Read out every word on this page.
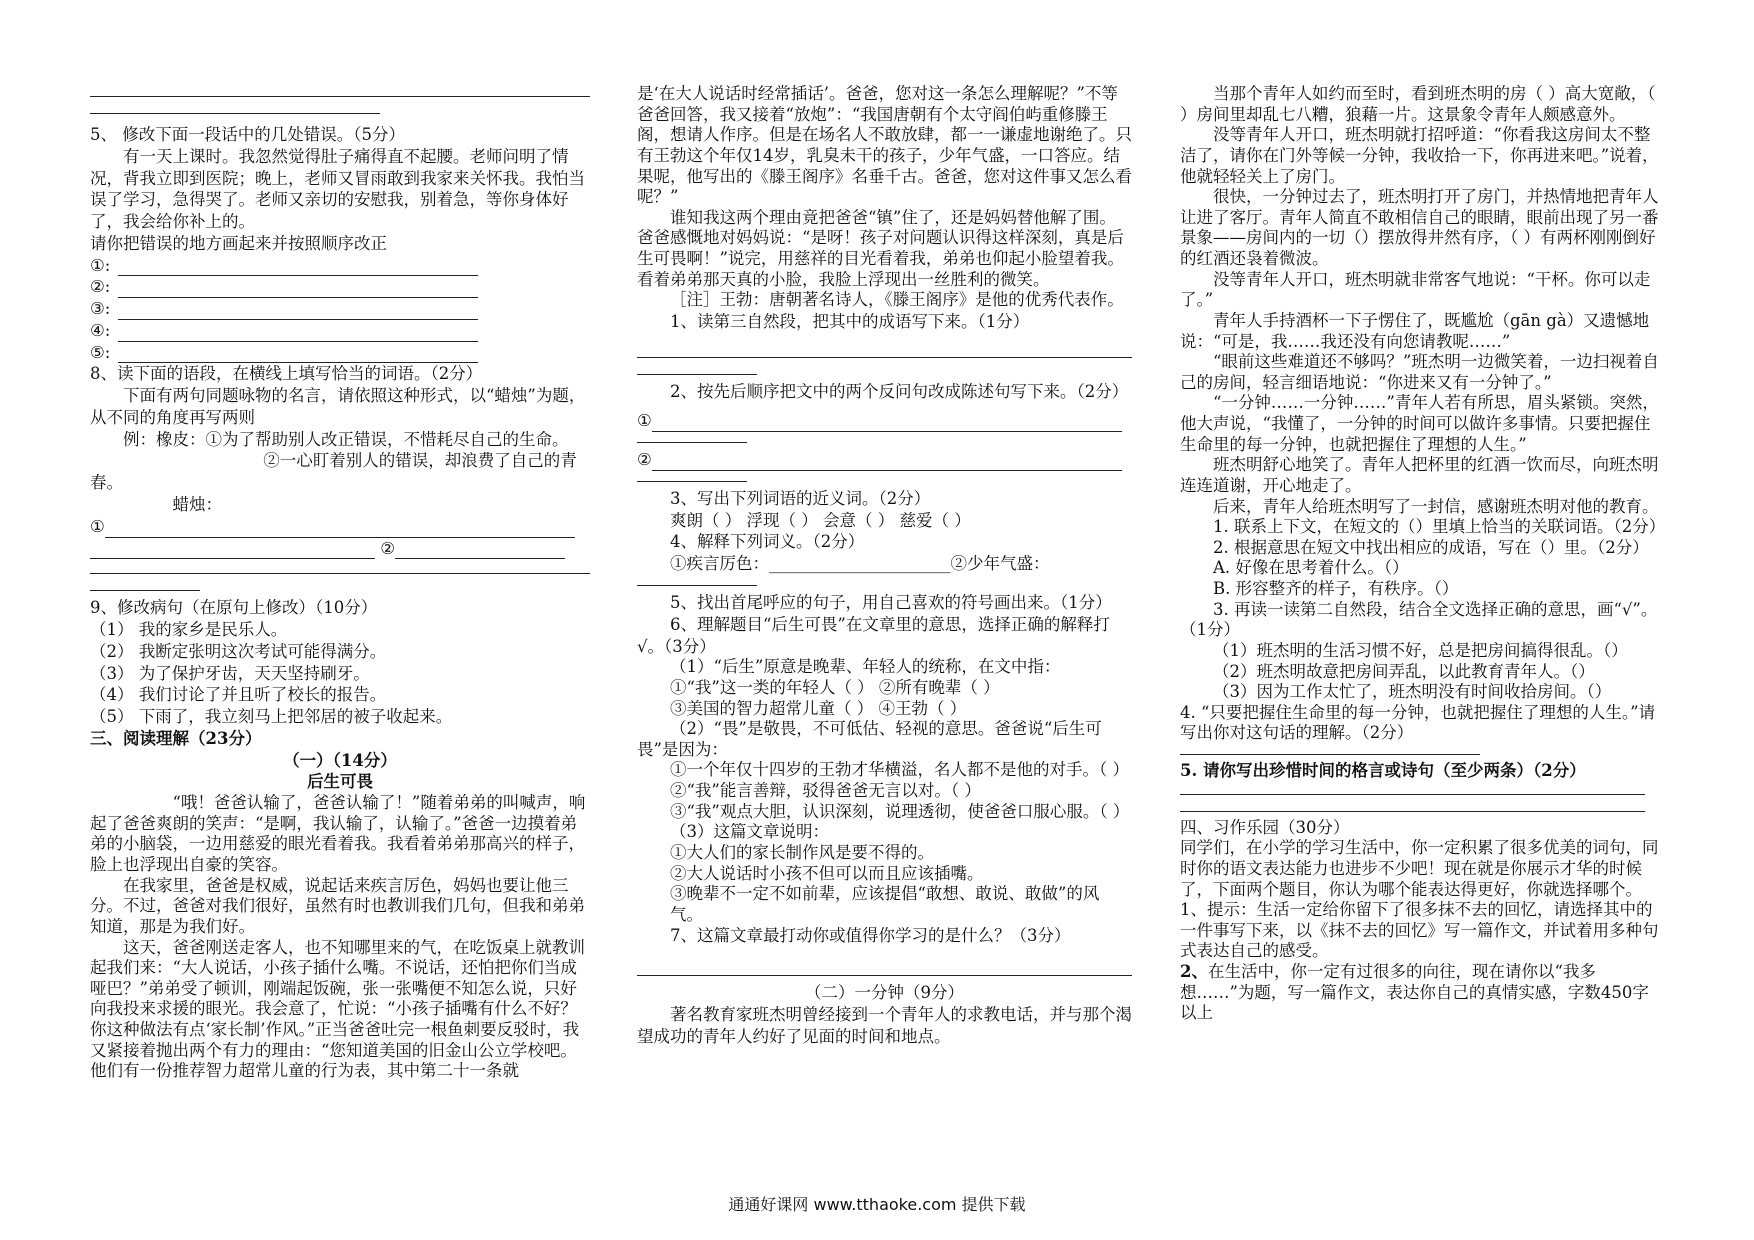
5、 修改下面一段话中的几处错误。（5分）

有一天上课时。我忽然觉得肚子痛得直不起腰。老师问明了情况，背我立即到医院；晚上，老师又冒雨敢到我家来关怀我。我怕当误了学习，急得哭了。老师又亲切的安慰我，别着急，等你身体好了，我会给你补上的。

请你把错误的地方画起来并按照顺序改正

①:

②:

③:

④:

⑤:

8、读下面的语段，在横线上填写恰当的词语。（2分）

下面有两句同题咏物的名言，请依照这种形式，以“蜡烛”为题，从不同的角度再写两则

例：橡皮：①为了帮助别人改正错误，不惜耗尽自己的生命。

②一心盯着别人的错误，却浪费了自己的青春。

蜡烛：

①

②

9、修改病句（在原句上修改）（10分）

（1） 我的家乡是民乐人。

（2） 我断定张明这次考试可能得满分。

（3） 为了保护牙齿，天天坚持刷牙。

（4） 我们讨论了并且听了校长的报告。

（5） 下雨了，我立刻马上把邻居的被子收起来。

三、阅读理解（23分）

（一）（14分）

后生可畏

“哦！爸爸认输了，爸爸认输了！”随着弟弟的叫喊声，响起了爸爸爽朗的笑声：“是啊，我认输了，认输了。”爸爸一边摸着弟弟的小脑袋，一边用慈爱的眼光看着我。我看着弟弟那高兴的样子，脸上也浮现出自豪的笑容。

在我家里，爸爸是权威，说起话来疾言厉色，妈妈也要让他三分。不过，爸爸对我们很好，虽然有时也教训我们几句，但我和弟弟知道，那是为我们好。

这天，爸爸刚送走客人，也不知哪里来的气，在吃饭桌上就教训起我们来：“大人说话，小孩子插什么嘴。不说话，还怕把你们当成哑巴？”弟弟受了顿训，刚端起饭碗，张一张嘴便不知怎么说，只好向我投来求援的眼光。我会意了，忙说：“小孩子插嘴有什么不好？你这种做法有点‘家长制’作风。”正当爸爸吐完一根鱼刺要反驳时，我又紧接着抛出两个有力的理由：“您知道美国的旧金山公立学校吧。他们有一份推荐智力超常儿童的行为表，其中第二十一条就

是‘在大人说话时经常插话’。爸爸，您对这一条怎么理解呢？”不等爸爸回答，我又接着“放炮”：“我国唐朝有个太守阎伯屿重修滕王阁，想请人作序。但是在场名人不敢放肆，都一一谦虚地谢绝了。只有王勃这个年仅14岁，乳臭未干的孩子，少年气盛，一口答应。结果呢，他写出的《滕王阁序》名垂千古。爸爸，您对这件事又怎么看呢？”

谁知我这两个理由竟把爸爸“镇”住了，还是妈妈替他解了围。爸爸感慨地对妈妈说：“是呀！孩子对问题认识得这样深刻，真是后生可畏啊！”说完，用慈祥的目光看着我，弟弟也仰起小脸望着我。看着弟弟那天真的小脸，我脸上浮现出一丝胜利的微笑。

［注］王勃：唐朝著名诗人，《滕王阁序》是他的优秀代表作。

1、读第三自然段，把其中的成语写下来。（1分）

2、按先后顺序把文中的两个反问句改成陈述句写下来。（2分）

①

②

3、写出下列词语的近义词。（2分）

爽朗（ ） 浮现（ ） 会意（ ） 慈爱（ ）

4、解释下列词义。（2分）

①疾言厉色：______________________②少年气盛：

5、找出首尾呼应的句子，用自己喜欢的符号画出来。（1分）

6、理解题目“后生可畏”在文章里的意思，选择正确的解释打√。（3分）

（1）“后生”原意是晚辈、年轻人的统称，在文中指：

①“我”这一类的年轻人（ ） ②所有晚辈（ ）

③美国的智力超常儿童（ ） ④王勃（ ）

（2）“畏”是敬畏，不可低估、轻视的意思。爸爸说“后生可畏”是因为：

①一个年仅十四岁的王勃才华横溢，名人都不是他的对手。（ ）

②“我”能言善辩，驳得爸爸无言以对。（ ）

③“我”观点大胆，认识深刻，说理透彻，使爸爸口服心服。（ ）

（3）这篇文章说明：

①大人们的家长制作风是要不得的。

②大人说话时小孩不但可以而且应该插嘴。

③晚辈不一定不如前辈，应该提倡“敢想、敢说、敢做”的风气。

7、这篇文章最打动你或值得你学习的是什么？（3分）

（二）一分钟（9分）

著名教育家班杰明曾经接到一个青年人的求教电话，并与那个渴望成功的青年人约好了见面的时间和地点。

当那个青年人如约而至时，看到班杰明的房（ ）高大宽敞，（ ）房间里却乱七八糟，狼藉一片。这景象令青年人颇感意外。

没等青年人开口，班杰明就打招呼道：“你看我这房间太不整洁了，请你在门外等候一分钟，我收拾一下，你再进来吧。”说着，他就轻轻关上了房门。

很快，一分钟过去了，班杰明打开了房门，并热情地把青年人让进了客厅。青年人简直不敢相信自己的眼睛，眼前出现了另一番景象——房间内的一切（）摆放得井然有序，（ ）有两杯刚刚倒好的红酒还袅着微波。

没等青年人开口，班杰明就非常客气地说：“干杯。你可以走了。”

青年人手持酒杯一下子愣住了，既尴尬（gān gà）又遗憾地说：“可是，我……我还没有向您请教呢……”

“眼前这些难道还不够吗？”班杰明一边微笑着，一边扫视着自己的房间，轻言细语地说：“你进来又有一分钟了。”

“一分钟……一分钟……”青年人若有所思，眉头紧锁。突然，他大声说，“我懂了，一分钟的时间可以做许多事情。只要把握住生命里的每一分钟，也就把握住了理想的人生。”

班杰明舒心地笑了。青年人把杯里的红酒一饮而尽，向班杰明连连道谢，开心地走了。

后来，青年人给班杰明写了一封信，感谢班杰明对他的教育。

1. 联系上下文，在短文的（）里填上恰当的关联词语。（2分）

2. 根据意思在短文中找出相应的成语，写在（）里。（2分）

A. 好像在思考着什么。（）

B. 形容整齐的样子，有秩序。（）

3. 再读一读第二自然段，结合全文选择正确的意思，画“√”。（1分）

（1）班杰明的生活习惯不好，总是把房间搞得很乱。（）

（2）班杰明故意把房间弄乱，以此教育青年人。（）

（3）因为工作太忙了，班杰明没有时间收拾房间。（）

4. “只要把握住生命里的每一分钟，也就把握住了理想的人生。”请写出你对这句话的理解。（2分）

5. 请你写出珍惜时间的格言或诗句（至少两条）（2分）

四、习作乐园（30分）

同学们，在小学的学习生活中，你一定积累了很多优美的词句，同时你的语文表达能力也进步不少吧！现在就是你展示才华的时候了，下面两个题目，你认为哪个能表达得更好，你就选择哪个。

1、提示：生活一定给你留下了很多抹不去的回忆，请选择其中的一件事写下来，以《抹不去的回忆》写一篇作文，并试着用多种句式表达自己的感受。

2、在生活中，你一定有过很多的向往，现在请你以“我多想……”为题，写一篇作文，表达你自己的真情实感，字数450字以上

通通好课网 www.tthaoke.com 提供下载
